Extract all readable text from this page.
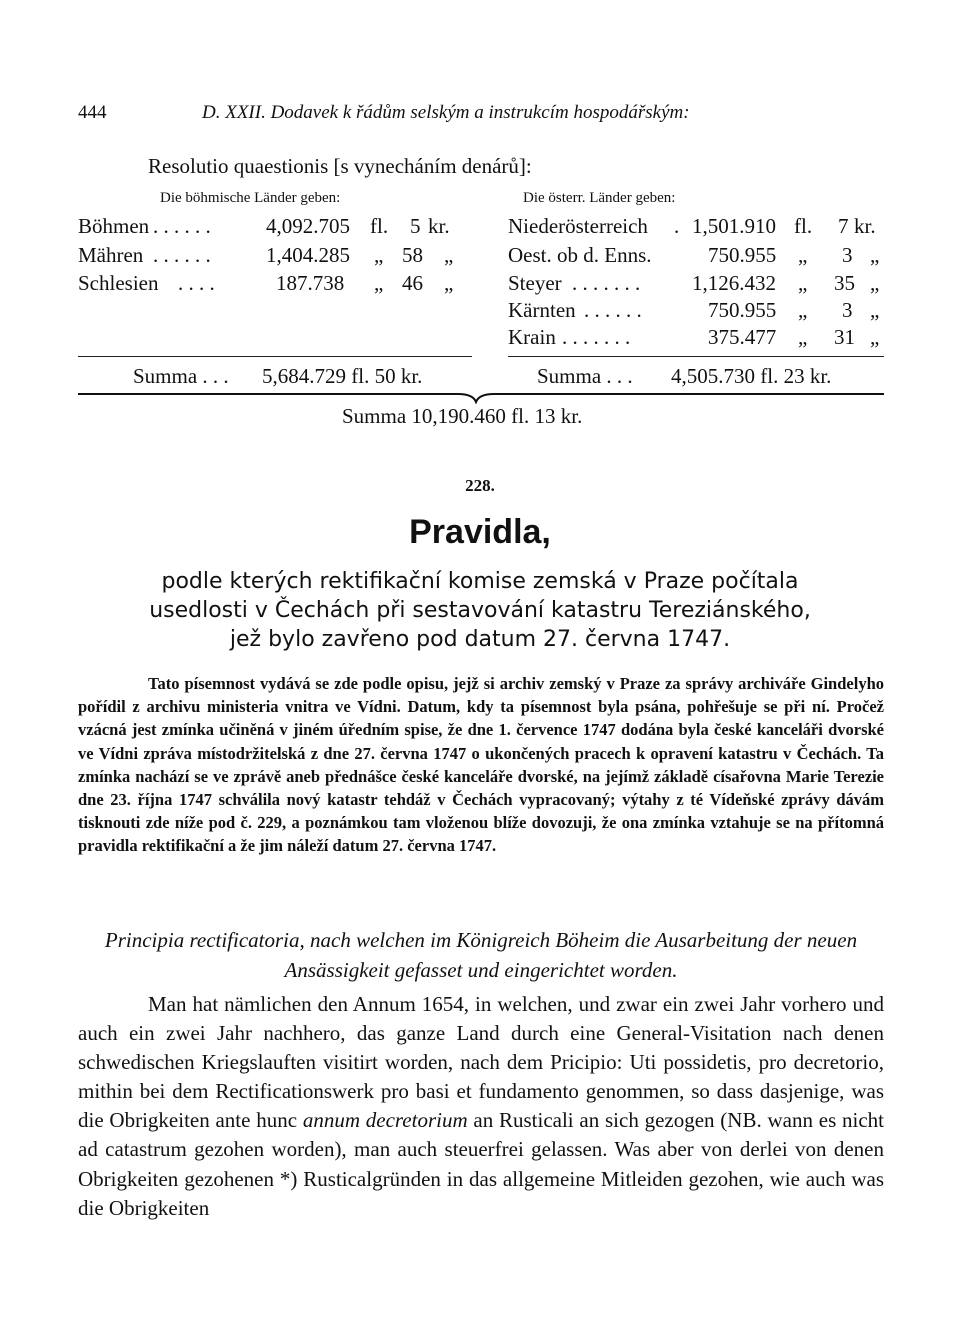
444	D. XXII. Dodavek k řádům selským a instrukcím hospodářským:
Resolutio quaestionis [s vynecháním denárů]:
Die böhmische Länder geben:	Die österr. Länder geben:
Böhmen . . . . . .	4,092.705 fl. 5 kr.
Mähren . . . . . .	1,404.285 „ 58 „
Schlesien . . . .	187.738 „ 46 „
Niederösterreich . 1,501.910 fl. 7 kr.
Oest. ob d. Enns.	750.955 „ 3 „
Steyer . . . . . . . 1,126.432 „ 35 „
Kärnten . . . . . .	750.955 „ 3 „
Krain . . . . . . .	375.477 „ 31 „
Summa . . . 5,684.729 fl. 50 kr.	Summa . . . 4,505.730 fl. 23 kr.
Summa 10,190.460 fl. 13 kr.
228.
Pravidla,
podle kterých rektifikační komise zemská v Praze počítala
usedlosti v Čechách při sestavování katastru Tereziánského,
jež bylo zavřeno pod datum 27. června 1747.

Tato písemnost vydává se zde podle opisu, jejž si archiv zemský v Praze za správy archiváře Gindelyho pořídil z archivu ministeria vnitra ve Vídni. Datum, kdy ta písemnost byla psána, pohřešuje se při ní. Pročež vzácná jest zmínka učiněná v jiném úředním spise, že dne 1. července 1747 dodána byla české kanceláři dvorské ve Vídni zpráva místodržitelská z dne 27. června 1747 o ukončených pracech k opravení katastru v Čechách. Ta zmínka nachází se ve zprávě aneb přednášce české kanceláře dvorské, na jejímž základě císařovna Marie Terezie dne 23. října 1747 schválila nový katastr tehdáž v Čechách vypracovaný; výtahy z té Vídeňské zprávy dávám tisknouti zde níže pod č. 229, a poznámkou tam vloženou blíže dovozuji, že ona zmínka vztahuje se na přítomná pravidla rektifikační a že jim náleží datum 27. června 1747.

Principia rectificatoria, nach welchen im Königreich Böheim die Ausarbeitung der neuen Ansässigkeit gefasset und eingerichtet worden.

Man hat nämlichen den Annum 1654, in welchen, und zwar ein zwei Jahr vorhero und auch ein zwei Jahr nachhero, das ganze Land durch eine General-Visitation nach denen schwedischen Kriegslauften visitirt worden, nach dem Pricipio: Uti possidetis, pro decretorio, mithin bei dem Rectificationswerk pro basi et fundamento genommen, so dass dasjenige, was die Obrigkeiten ante hunc annum decretorium an Rusticali an sich gezogen (NB. wann es nicht ad catastrum gezohen worden), man auch steuerfrei gelassen. Was aber von derlei von denen Obrigkeiten gezohenen *) Rusticalgründen in das allgemeine Mitleiden gezohen, wie auch was die Obrigkeiten
